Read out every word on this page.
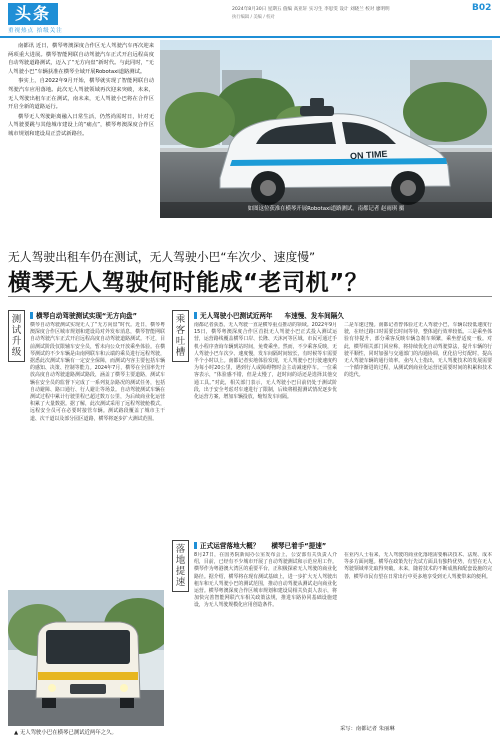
头条
重视热点 拾级关注
2024年8月30日 星期五 值编 高亚轩 实习生 李思雯 设计 刘晓兰 校对 廖明明
执行编辑 / 美编 / 校对
B02

南都讯 近日，横琴粤澳深度合作区无人驾驶汽车再次迎来两项重大进展。横琴智能网联自动驾驶汽车正式开启远程高度自动驾驶道路测试，迈入了“无方向盘”新时代。与此同时，“无人驾驶小巴”车辆获准在横琴全域开展Robotaxi道路测试。

事实上，自2022年9月开始，横琴就实现了智能网联自动驾驶汽车应用落地。此次无人驾驶领域再次迎来突破，未来，无人驾驶出租车正在测试，南未来，无人驾驶小巴将在合作区开启全新的道路运行。

横琴无人驾驶距离融入日常生活，仍然尚需时日，针对无人驾驶要跳与其他城市建设上的“痛点”，横琴粤澳深度合作区城市规划和建设局正尝试新路径。

ON TIME
如图这位获准在横琴开展Robotaxi道路测试。南都记者 赵雨琪 摄
无人驾驶出租车仍在测试，无人驾驶小巴“车次少、速度慢”
横琴无人驾驶何时能成“老司机”？
测试升级
横琴自动驾驶测试实现“无方向盘”
横琴自动驾驶测试实现无人了“无方向盘”时代。近日，横琴粤澳深度合作区城市规划和建设局对外发布消息，横琴智能网联自动驾驶汽车正式开启远程高度自动驾驶道路测试。不过，目前测试阶段仅限辅车安全员，暂未向公众开放乘坐体验。在横琴测试的不少车辆是由南网联车和云端的乘员进行远程驾驶，据悉此次测试车辆有一定安全保障，而测试内容主要包括车辆的感知、决策、控制等能力。2024年7月，横琴在全国率先开放高度自动驾驶道路测试路段，涵盖了横琴主要道路，测试车辆在安全员的监督下完成了一系列复杂路况的测试任务，包括自动避障、路口通行、行人避让等场景。自动驾驶测试车辆在测试过程中累计行驶里程已超过数万公里，为后续商业化运营积累了大量数据。据了解，此次测试采用了远程驾驶舱模式，远程安全员可在必要时接管车辆。测试路段覆盖了城市主干道、次干道以及部分园区道路，横琴将逐步扩大测试范围。
乘客吐槽
无人驾驶小巴测试近两年 车速慢、发车间隔久
南都记者获悉，无人驾驶一直是横琴重点推动的领域。2022年9月15日，横琴粤澳深度合作区首批无人驾驶小巴正式投入测试运营，运营路线覆盖横琴口岸、长隆、天沐河等区域。市民可通过手机小程序查询车辆到站时间，免费乘坐。然而，不少乘客反映，无人驾驶小巴车次少、速度慢，发车间隔时间较长，有时候等车需要半个小时以上。南都记者实地体验发现，无人驾驶小巴行驶速度约为每小时20公里，遇到行人或障碍物时会主动减速停车。一位乘客表示，“体验感不错，但是太慢了，赶时间的话还是选择其他交通工具。”对此，相关部门表示，无人驾驶小巴目前仍处于测试阶段，出于安全考虑对车速进行了限制，后续将根据测试情况逐步优化运营方案，增加车辆投放，缩短发车间隔。
二是车速过慢。南都记者曾体验过无人驾驶小巴，车辆以较低速度行驶，在经过路口时需要长时间等待，整体通行效率较低。三是乘坐体验有待提升，部分乘客反映车辆急刹车频繁，乘坐舒适度一般。对此，横琴相关部门回应称，将持续优化自动驾驶算法，提升车辆的行驶平顺性，同时加强与交通部门的沟通协调，优化信号灯配时，提高无人驾驶车辆的通行效率。业内人士指出，无人驾驶技术的发展需要一个循序渐进的过程，从测试到商业化运营还需要时间的积累和技术的迭代。
落地提速
正式运营落地大概？ 横琴已着手“提速”
8月27日，在国务院新闻办公室发布会上，公安部有关负责人介绍，目前，已经有不少城市开展了自动驾驶测试和示范应用工作。横琴作为粤港澳大湾区的重要平台，正积极探索无人驾驶的商业化路径。据介绍，横琴将在现有测试基础上，进一步扩大无人驾驶出租车和无人驾驶小巴的测试范围，推动自动驾驶从测试走向商业化运营。横琴粤澳深度合作区城市规划和建设局相关负责人表示，将加快完善智能网联汽车相关政策法规，推进车路协同基础设施建设，为无人驾驶规模化应用创造条件。
在业内人士看来，无人驾驶的商业化落地需要解决技术、法规、成本等多方面问题。横琴在政策先行先试方面具有独特优势，有望在无人驾驶领域率先取得突破。未来，随着技术的不断成熟和配套设施的完善，横琴市民有望在日常出行中更多地享受到无人驾驶带来的便利。
▲ 无人驾驶小巴在横琴已测试近两年之久。
采写：南都记者 朱丽琳
